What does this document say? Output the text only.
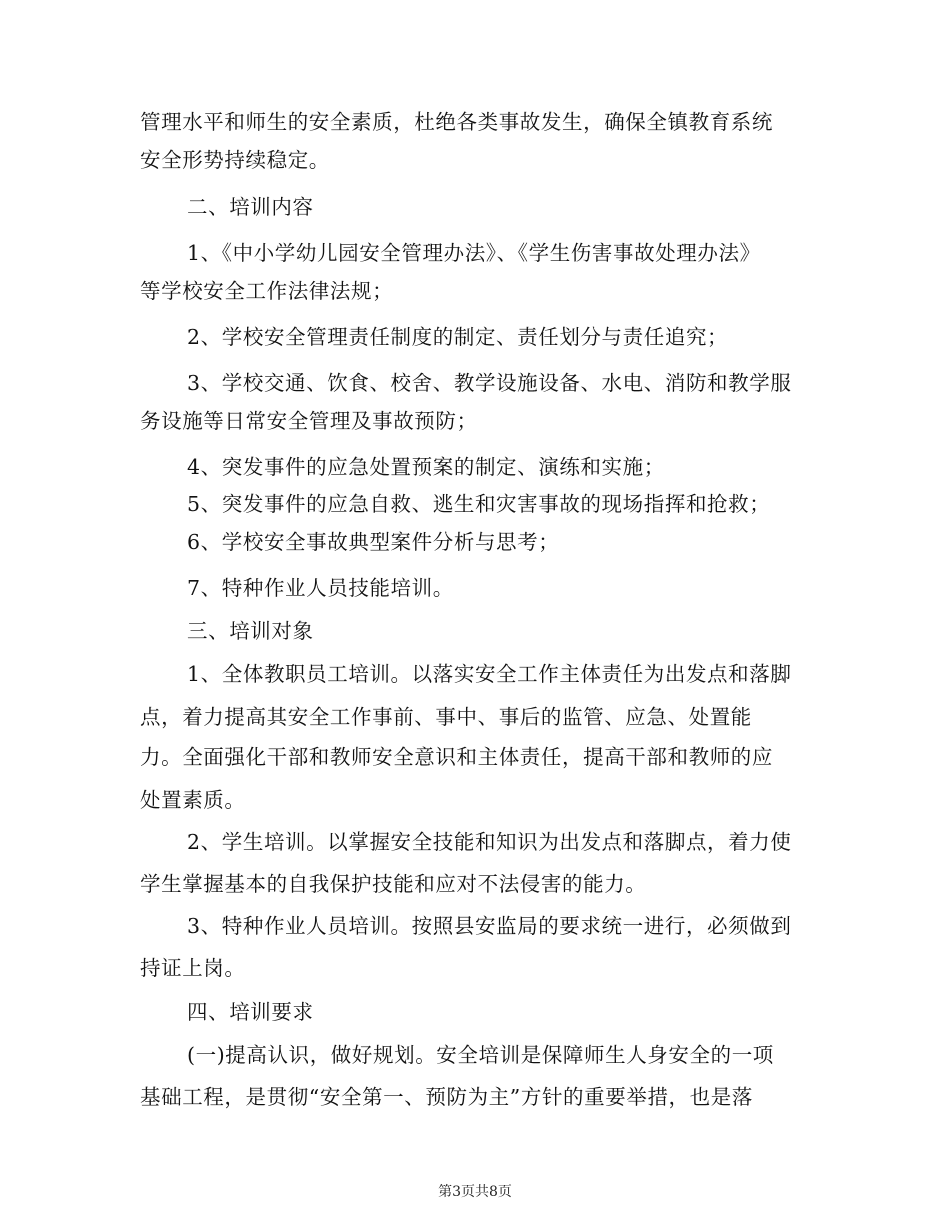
管理水平和师生的安全素质，杜绝各类事故发生，确保全镇教育系统
安全形势持续稳定。
二、培训内容
1、《中小学幼儿园安全管理办法》、《学生伤害事故处理办法》
等学校安全工作法律法规；
2、学校安全管理责任制度的制定、责任划分与责任追究；
3、学校交通、饮食、校舍、教学设施设备、水电、消防和教学服
务设施等日常安全管理及事故预防；
4、突发事件的应急处置预案的制定、演练和实施；
5、突发事件的应急自救、逃生和灾害事故的现场指挥和抢救；
6、学校安全事故典型案件分析与思考；
7、特种作业人员技能培训。
三、培训对象
1、全体教职员工培训。以落实安全工作主体责任为出发点和落脚
点，着力提高其安全工作事前、事中、事后的监管、应急、处置能
力。全面强化干部和教师安全意识和主体责任，提高干部和教师的应
处置素质。
2、学生培训。以掌握安全技能和知识为出发点和落脚点，着力使
学生掌握基本的自我保护技能和应对不法侵害的能力。
3、特种作业人员培训。按照县安监局的要求统一进行，必须做到
持证上岗。
四、培训要求
(一)提高认识，做好规划。安全培训是保障师生人身安全的一项
基础工程，是贯彻“安全第一、预防为主”方针的重要举措，也是落
第3页共8页
